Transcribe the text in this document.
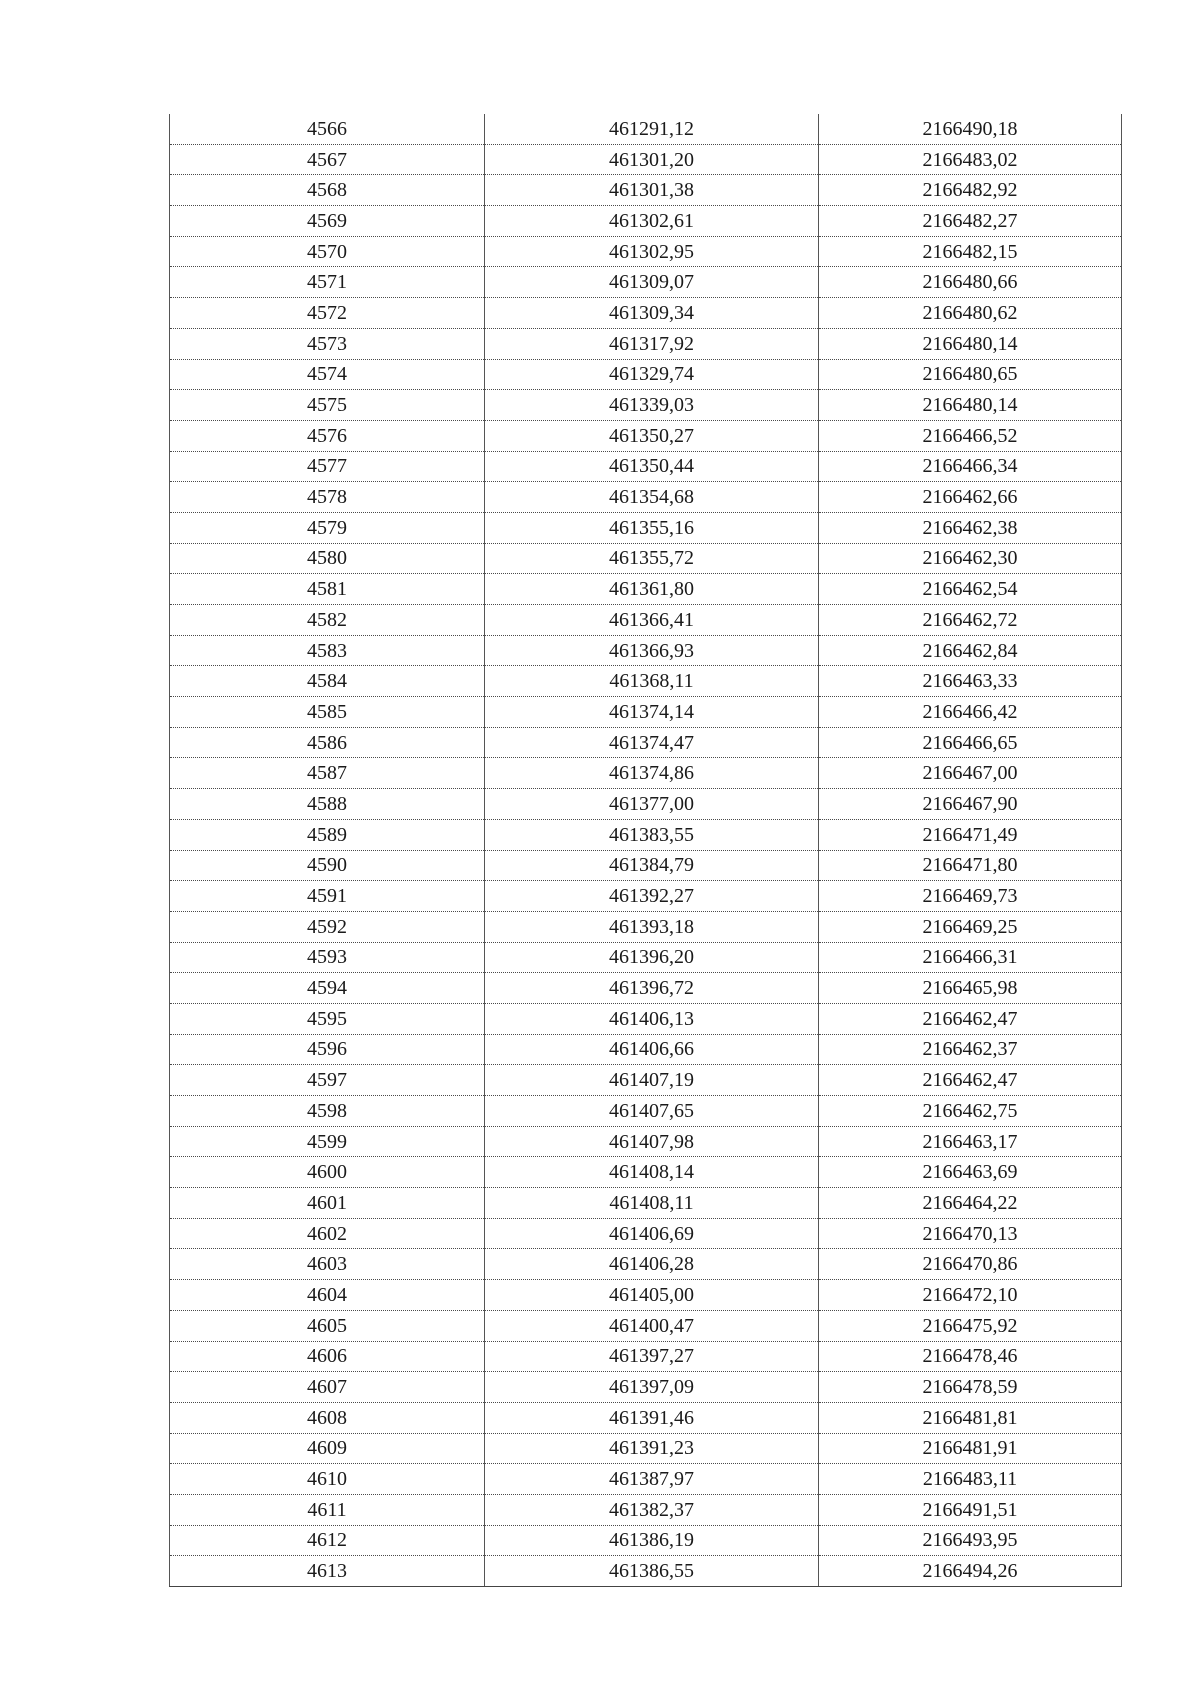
4566	461291,12	2166490,18
4567	461301,20	2166483,02
4568	461301,38	2166482,92
4569	461302,61	2166482,27
4570	461302,95	2166482,15
4571	461309,07	2166480,66
4572	461309,34	2166480,62
4573	461317,92	2166480,14
4574	461329,74	2166480,65
4575	461339,03	2166480,14
4576	461350,27	2166466,52
4577	461350,44	2166466,34
4578	461354,68	2166462,66
4579	461355,16	2166462,38
4580	461355,72	2166462,30
4581	461361,80	2166462,54
4582	461366,41	2166462,72
4583	461366,93	2166462,84
4584	461368,11	2166463,33
4585	461374,14	2166466,42
4586	461374,47	2166466,65
4587	461374,86	2166467,00
4588	461377,00	2166467,90
4589	461383,55	2166471,49
4590	461384,79	2166471,80
4591	461392,27	2166469,73
4592	461393,18	2166469,25
4593	461396,20	2166466,31
4594	461396,72	2166465,98
4595	461406,13	2166462,47
4596	461406,66	2166462,37
4597	461407,19	2166462,47
4598	461407,65	2166462,75
4599	461407,98	2166463,17
4600	461408,14	2166463,69
4601	461408,11	2166464,22
4602	461406,69	2166470,13
4603	461406,28	2166470,86
4604	461405,00	2166472,10
4605	461400,47	2166475,92
4606	461397,27	2166478,46
4607	461397,09	2166478,59
4608	461391,46	2166481,81
4609	461391,23	2166481,91
4610	461387,97	2166483,11
4611	461382,37	2166491,51
4612	461386,19	2166493,95
4613	461386,55	2166494,26
